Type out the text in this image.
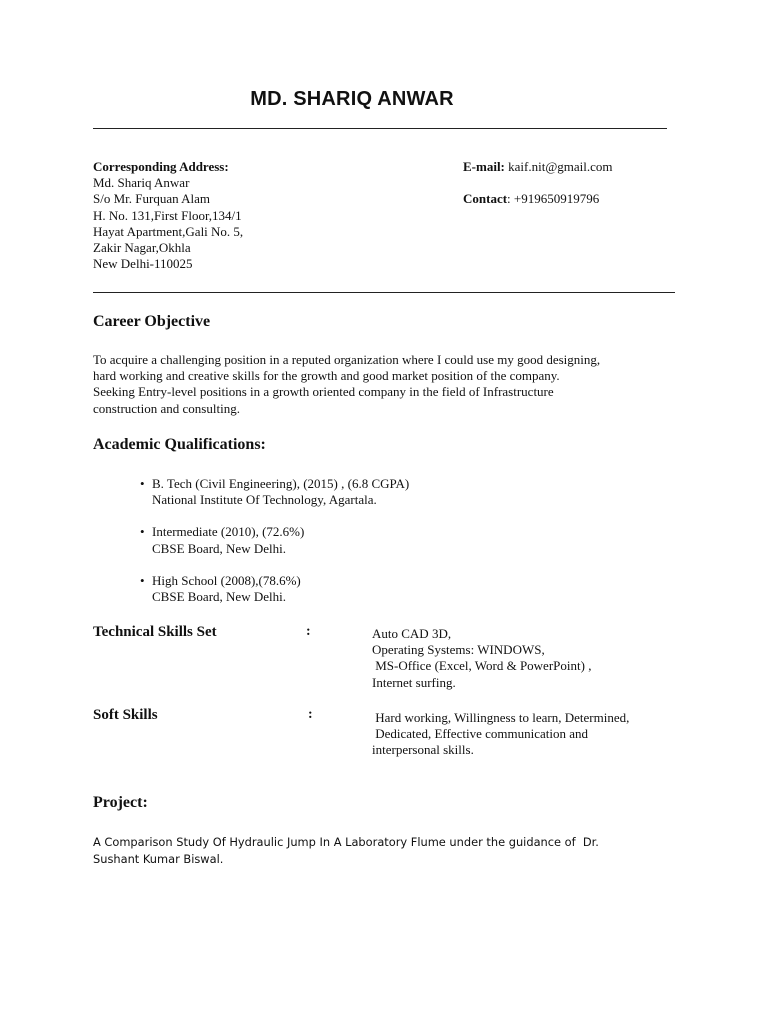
MD. SHARIQ ANWAR
Corresponding Address:
Md. Shariq Anwar
S/o Mr. Furquan Alam
H. No. 131,First Floor,134/1
Hayat Apartment,Gali No. 5,
Zakir Nagar,Okhla
New Delhi-110025
E-mail: kaif.nit@gmail.com
Contact: +919650919796
Career Objective
To acquire a challenging position in a reputed organization where I could use my good designing,
hard working and creative skills for the growth and good market position of the company.
Seeking Entry-level positions in a growth oriented company in the field of Infrastructure
construction and consulting.
Academic Qualifications:
• B. Tech (Civil Engineering), (2015) , (6.8 CGPA)
National Institute Of Technology, Agartala.
• Intermediate (2010), (72.6%)
CBSE Board, New Delhi.
• High School (2008),(78.6%)
CBSE Board, New Delhi.
Technical Skills Set	:	Auto CAD 3D,
Operating Systems: WINDOWS,
MS-Office (Excel, Word & PowerPoint) ,
Internet surfing.
Soft Skills	:	Hard working, Willingness to learn, Determined,
Dedicated, Effective communication and
interpersonal skills.
Project:
A Comparison Study Of Hydraulic Jump In A Laboratory Flume under the guidance of  Dr.
Sushant Kumar Biswal.
